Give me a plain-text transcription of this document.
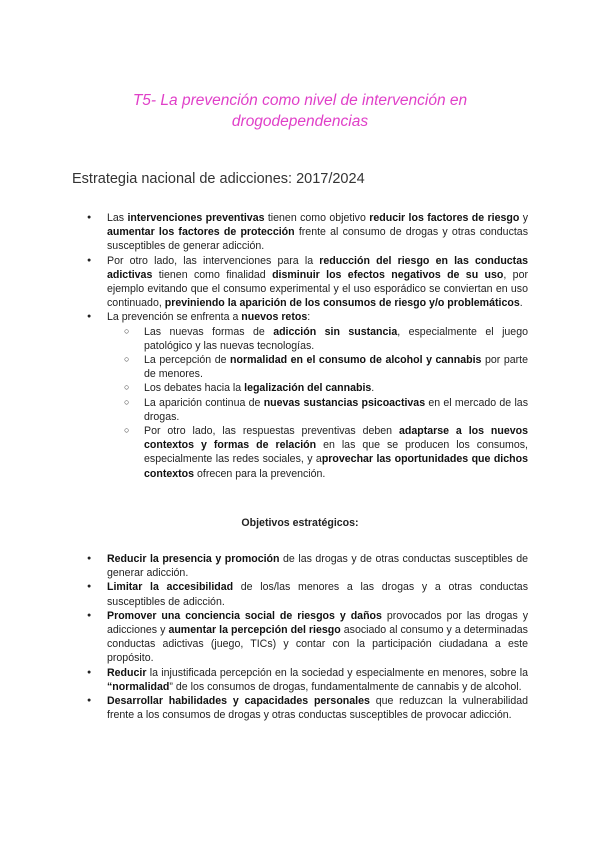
T5- La prevención como nivel de intervención en drogodependencias
Estrategia nacional de adicciones: 2017/2024
● Las intervenciones preventivas tienen como objetivo reducir los factores de riesgo y aumentar los factores de protección frente al consumo de drogas y otras conductas susceptibles de generar adicción.
● Por otro lado, las intervenciones para la reducción del riesgo en las conductas adictivas tienen como finalidad disminuir los efectos negativos de su uso, por ejemplo evitando que el consumo experimental y el uso esporádico se conviertan en uso continuado, previniendo la aparición de los consumos de riesgo y/o problemáticos.
● La prevención se enfrenta a nuevos retos:
○ Las nuevas formas de adicción sin sustancia, especialmente el juego patológico y las nuevas tecnologías.
○ La percepción de normalidad en el consumo de alcohol y cannabis por parte de menores.
○ Los debates hacia la legalización del cannabis.
○ La aparición continua de nuevas sustancias psicoactivas en el mercado de las drogas.
○ Por otro lado, las respuestas preventivas deben adaptarse a los nuevos contextos y formas de relación en las que se producen los consumos, especialmente las redes sociales, y aprovechar las oportunidades que dichos contextos ofrecen para la prevención.
Objetivos estratégicos:
● Reducir la presencia y promoción de las drogas y de otras conductas susceptibles de generar adicción.
● Limitar la accesibilidad de los/las menores a las drogas y a otras conductas susceptibles de adicción.
● Promover una conciencia social de riesgos y daños provocados por las drogas y adicciones y aumentar la percepción del riesgo asociado al consumo y a determinadas conductas adictivas (juego, TICs) y contar con la participación ciudadana a este propósito.
● Reducir la injustificada percepción en la sociedad y especialmente en menores, sobre la “normalidad” de los consumos de drogas, fundamentalmente de cannabis y de alcohol.
● Desarrollar habilidades y capacidades personales que reduzcan la vulnerabilidad frente a los consumos de drogas y otras conductas susceptibles de provocar adicción.
